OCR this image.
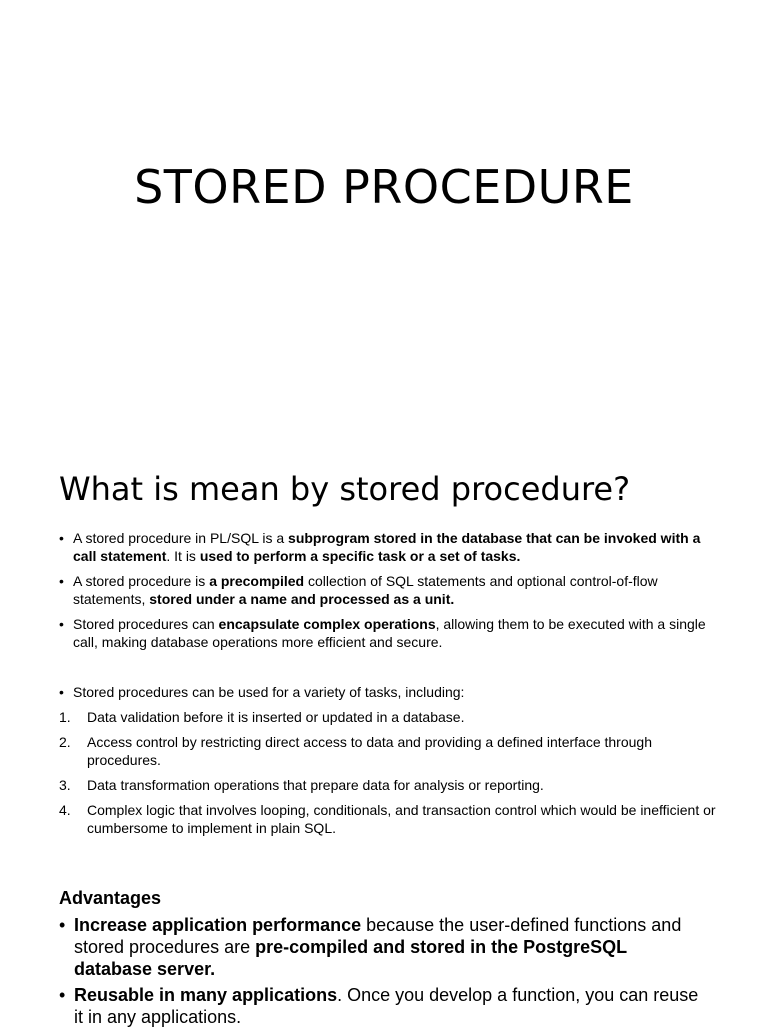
STORED PROCEDURE
What is mean by stored procedure?
• A stored procedure in PL/SQL is a subprogram stored in the database that can be invoked with a call statement. It is used to perform a specific task or a set of tasks.
• A stored procedure is a precompiled collection of SQL statements and optional control-of-flow statements, stored under a name and processed as a unit.
• Stored procedures can encapsulate complex operations, allowing them to be executed with a single call, making database operations more efficient and secure.
• Stored procedures can be used for a variety of tasks, including:
1. Data validation before it is inserted or updated in a database.
2. Access control by restricting direct access to data and providing a defined interface through procedures.
3. Data transformation operations that prepare data for analysis or reporting.
4. Complex logic that involves looping, conditionals, and transaction control which would be inefficient or cumbersome to implement in plain SQL.
Advantages
• Increase application performance because the user-defined functions and stored procedures are pre-compiled and stored in the PostgreSQL database server.
• Reusable in many applications. Once you develop a function, you can reuse it in any applications.
